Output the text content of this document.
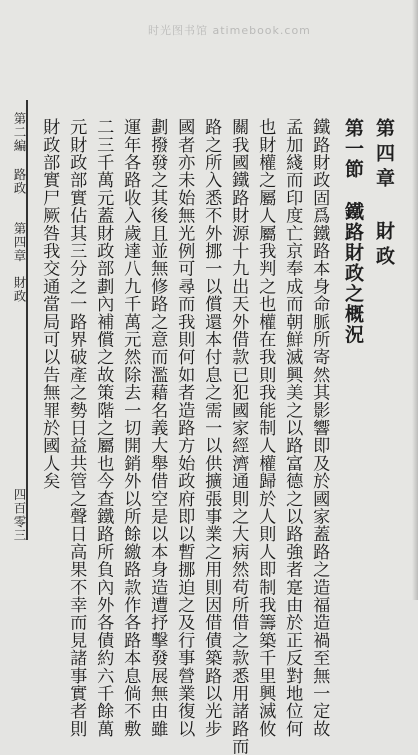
时光图书馆 atimebook.com
第四章財政
第一節鐵路財政之概況
鐵路財政固爲鐵路本身命脈所寄然其影響即及於國家蓋路之造福造禍至無一定故
孟加綫而印度亡京奉成而朝鮮滅興美之以路富德之以路強者寔由於正反對地位何
也財權之屬人屬我判之也權在我則我能制人權歸於人則人即制我籌築千里興滅攸
關我國鐵路財源十九出天外借款已犯國家經濟通則之大病然苟所借之款悉用諸路而
路之所入悉不外挪一以償還本付息之需一以供擴張事業之用則因借債築路以光步
國者亦未始無光例可尋而我則何如者造路方始政府即以暫挪迫之及行事營業復以
劃撥發之其後且並無修路之意而濫藉名義大舉借空是以本身造遭抒擊發展無由雖
運年各路收入歲達八九千萬元然除去一切開銷外以所餘繳路款作各路本息倘不敷
二三千萬元蓋財政部劃內補償之故策階之屬也今查鐵路所負內外各債約六千餘萬
元財政部實佔其三分之一路界破產之勢日益共管之聲日高果不幸而見諸事實者則
財政部實尸厥咎我交通當局可以告無罪於國人矣
第二編
路政
第四章
財政
四百零三
